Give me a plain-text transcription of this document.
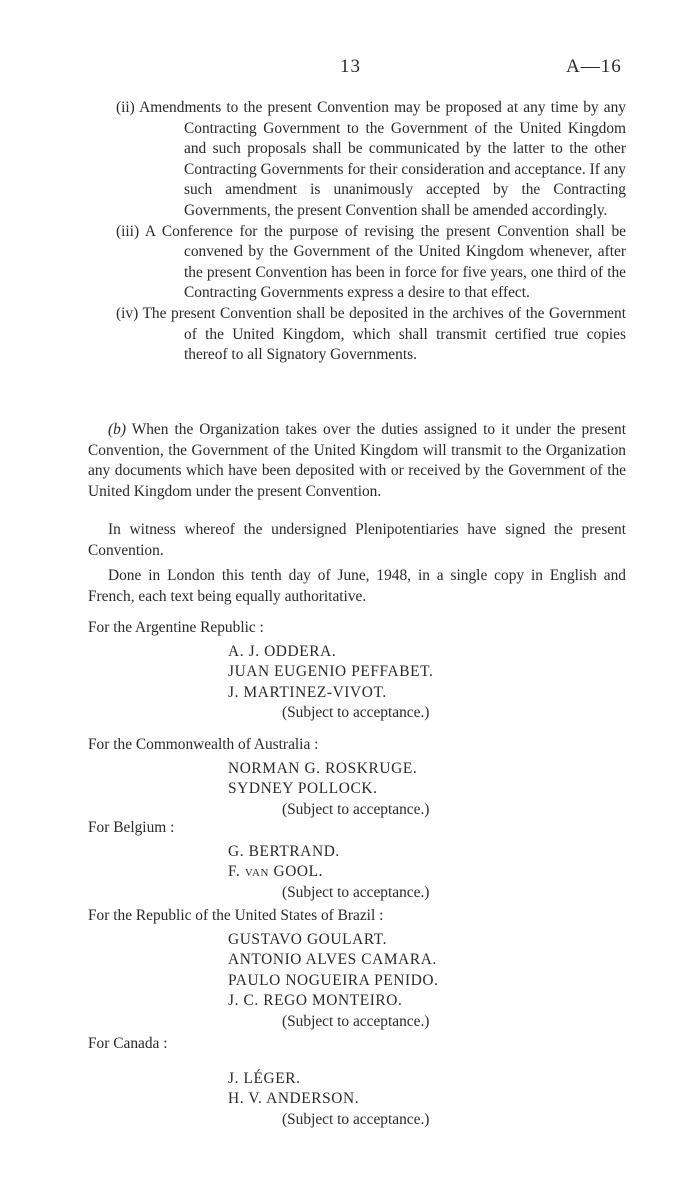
13	A—16
(ii) Amendments to the present Convention may be proposed at any time by any Contracting Government to the Government of the United Kingdom and such proposals shall be communicated by the latter to the other Contracting Governments for their consideration and acceptance. If any such amendment is unanimously accepted by the Contracting Governments, the present Convention shall be amended accordingly.
(iii) A Conference for the purpose of revising the present Convention shall be convened by the Government of the United Kingdom whenever, after the present Convention has been in force for five years, one third of the Contracting Governments express a desire to that effect.
(iv) The present Convention shall be deposited in the archives of the Government of the United Kingdom, which shall transmit certified true copies thereof to all Signatory Governments.
(b) When the Organization takes over the duties assigned to it under the present Convention, the Government of the United Kingdom will transmit to the Organization any documents which have been deposited with or received by the Government of the United Kingdom under the present Convention.
In witness whereof the undersigned Plenipotentiaries have signed the present Convention.
Done in London this tenth day of June, 1948, in a single copy in English and French, each text being equally authoritative.
For the Argentine Republic :
A. J. ODDERA.
JUAN EUGENIO PEFFABET.
J. MARTINEZ-VIVOT.
(Subject to acceptance.)
For the Commonwealth of Australia :
NORMAN G. ROSKRUGE.
SYDNEY POLLOCK.
(Subject to acceptance.)
For Belgium :
G. BERTRAND.
F. van GOOL.
(Subject to acceptance.)
For the Republic of the United States of Brazil :
GUSTAVO GOULART.
ANTONIO ALVES CAMARA.
PAULO NOGUEIRA PENIDO.
J. C. REGO MONTEIRO.
(Subject to acceptance.)
For Canada :
J. LÉGER.
H. V. ANDERSON.
(Subject to acceptance.)
